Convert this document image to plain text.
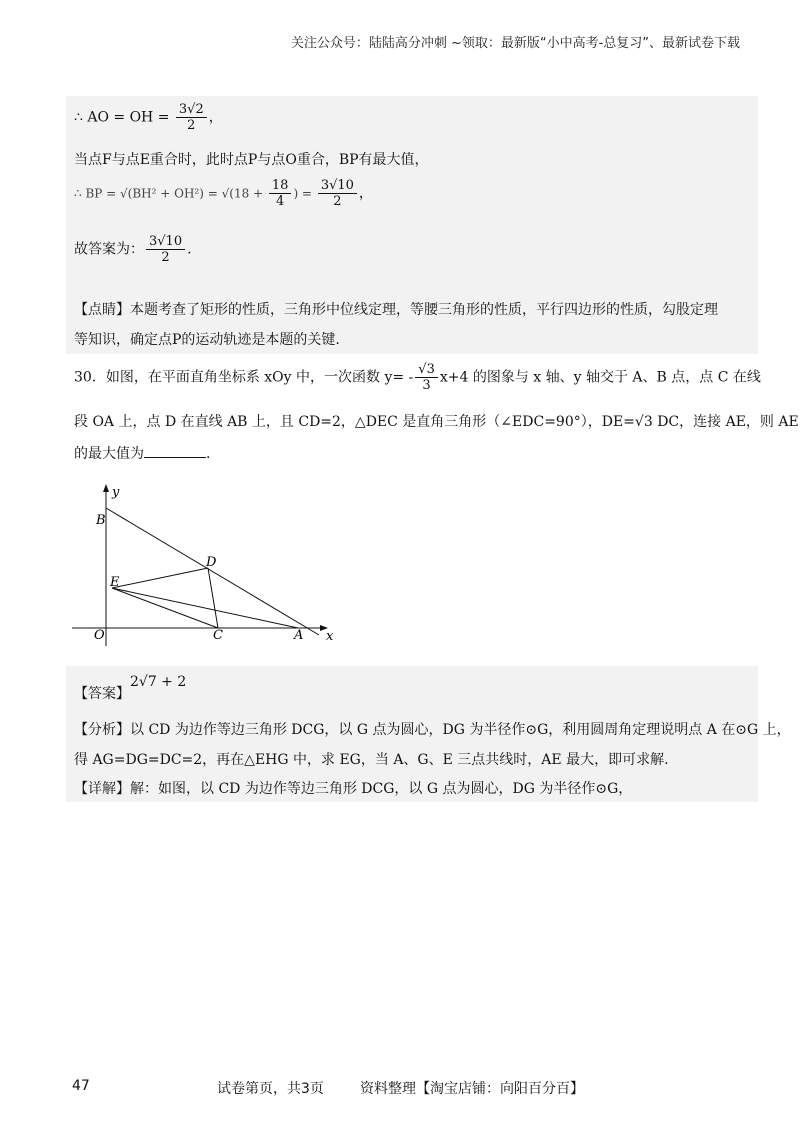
关注公众号：陆陆高分冲刺 ~领取：最新版“小中高考-总复习”、最新试卷下载
∴ AO = OH = $\frac{3√2}{2}$ ，
当点F与点E重合时，此时点P与点O重合，BP有最大值，
∴ BP = $√(BH^2 + OH^2) = √(18 + \frac{18}{4}$ ) = $\frac{3√10}{2}$ ，
故答案为： $\frac{3√10}{2}$ .
【点睛】本题考查了矩形的性质，三角形中位线定理，等腰三角形的性质，平行四边形的性质，勾股定理
等知识，确定点P的运动轨迹是本题的关键.
30．如图，在平面直角坐标系 xOy 中，一次函数 $y= - \frac{√3}{3} x+4$ 的图象与 x 轴、y 轴交于 A、B 点，点 C 在线
段 OA 上，点 D 在直线 AB 上，且 CD=2，△DEC 是直角三角形（∠EDC=90°），DE=√3 DC，连接 AE，则 AE
的最大值为	.
y
x
B
D
E
O	C	A
【答案】2√7 + 2
【分析】以 CD 为边作等边三角形 DCG，以 G 点为圆心，DG 为半径作⊙G，利用圆周角定理说明点 A 在⊙G 上，
得 AG=DG=DC=2，再在△EHG 中，求 EG，当 A、G、E 三点共线时，AE 最大，即可求解.
【详解】解：如图，以 CD 为边作等边三角形 DCG，以 G 点为圆心，DG 为半径作⊙G，
47	试卷第页，共3页	资料整理【淘宝店铺：向阳百分百】
